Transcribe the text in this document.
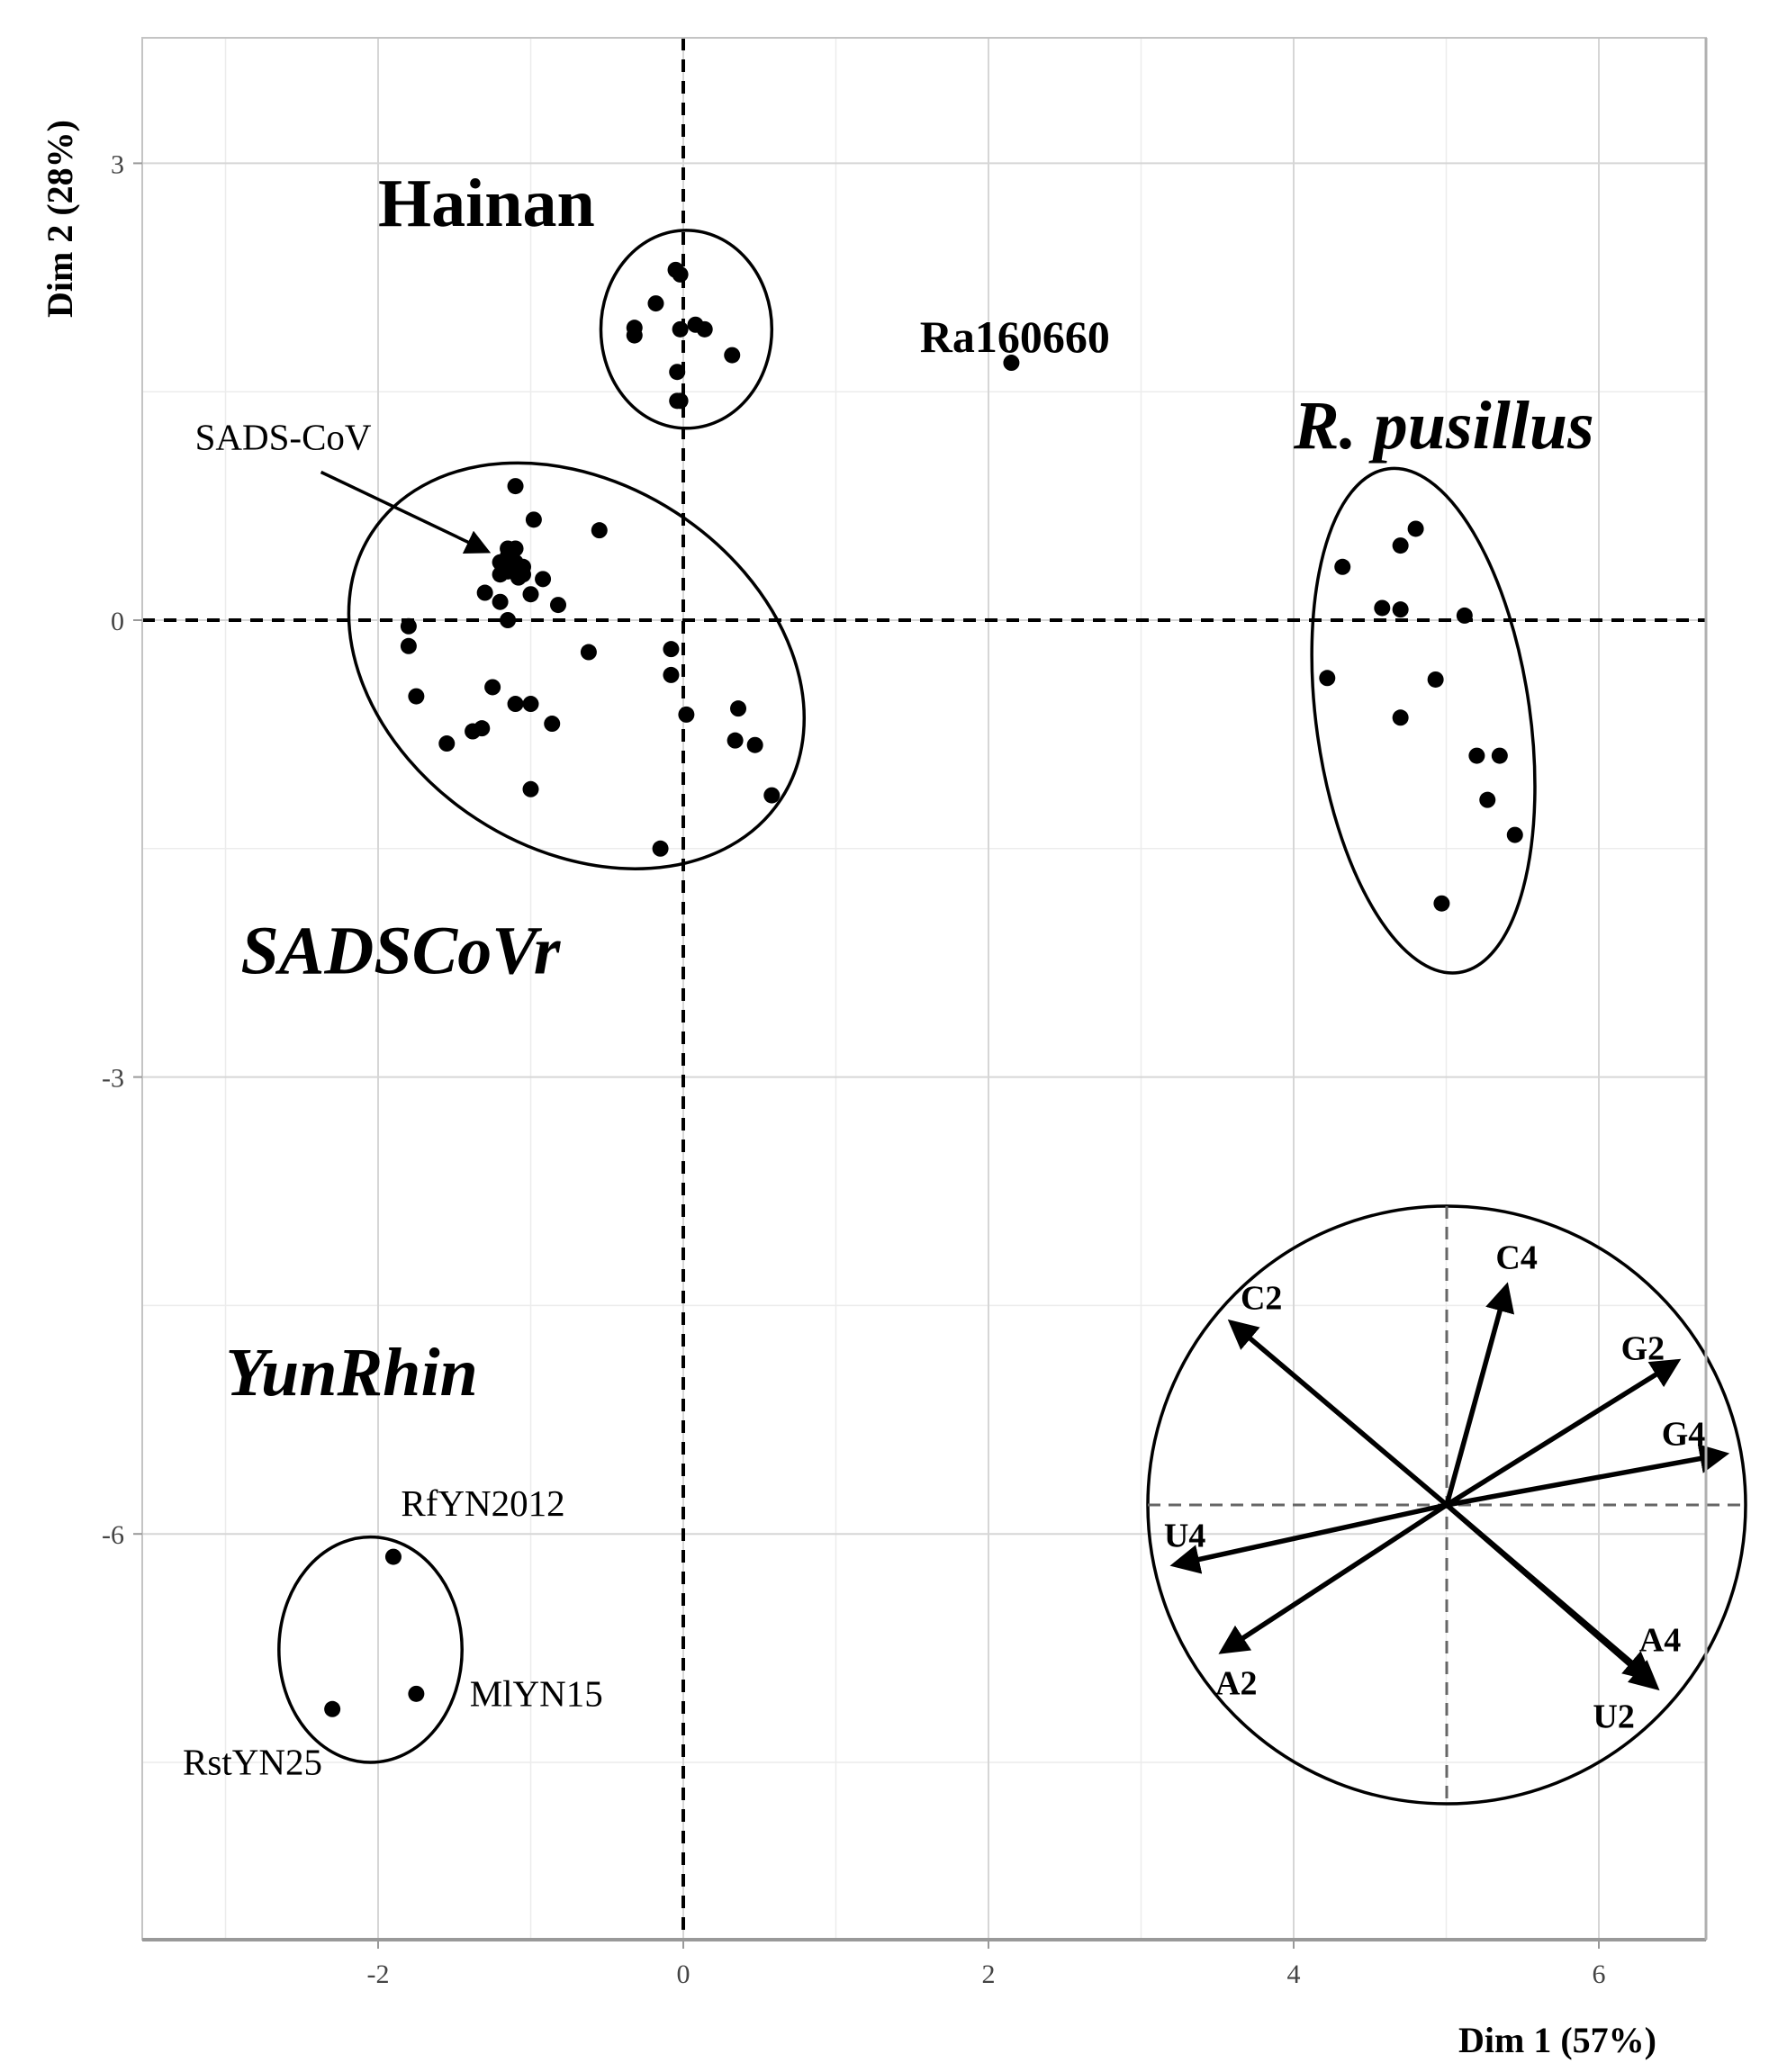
Hainan
Ra160660
R. pusillus
SADS-CoV
SADSCoVr
YunRhin
RfYN2012
MlYN15
RstYN25
C2
C4
G2
G4
U4
A2
A4
U2
-2	0	2	4	6
3
0
-3
-6
Dim 1 (57%)
Dim 2 (28%)
